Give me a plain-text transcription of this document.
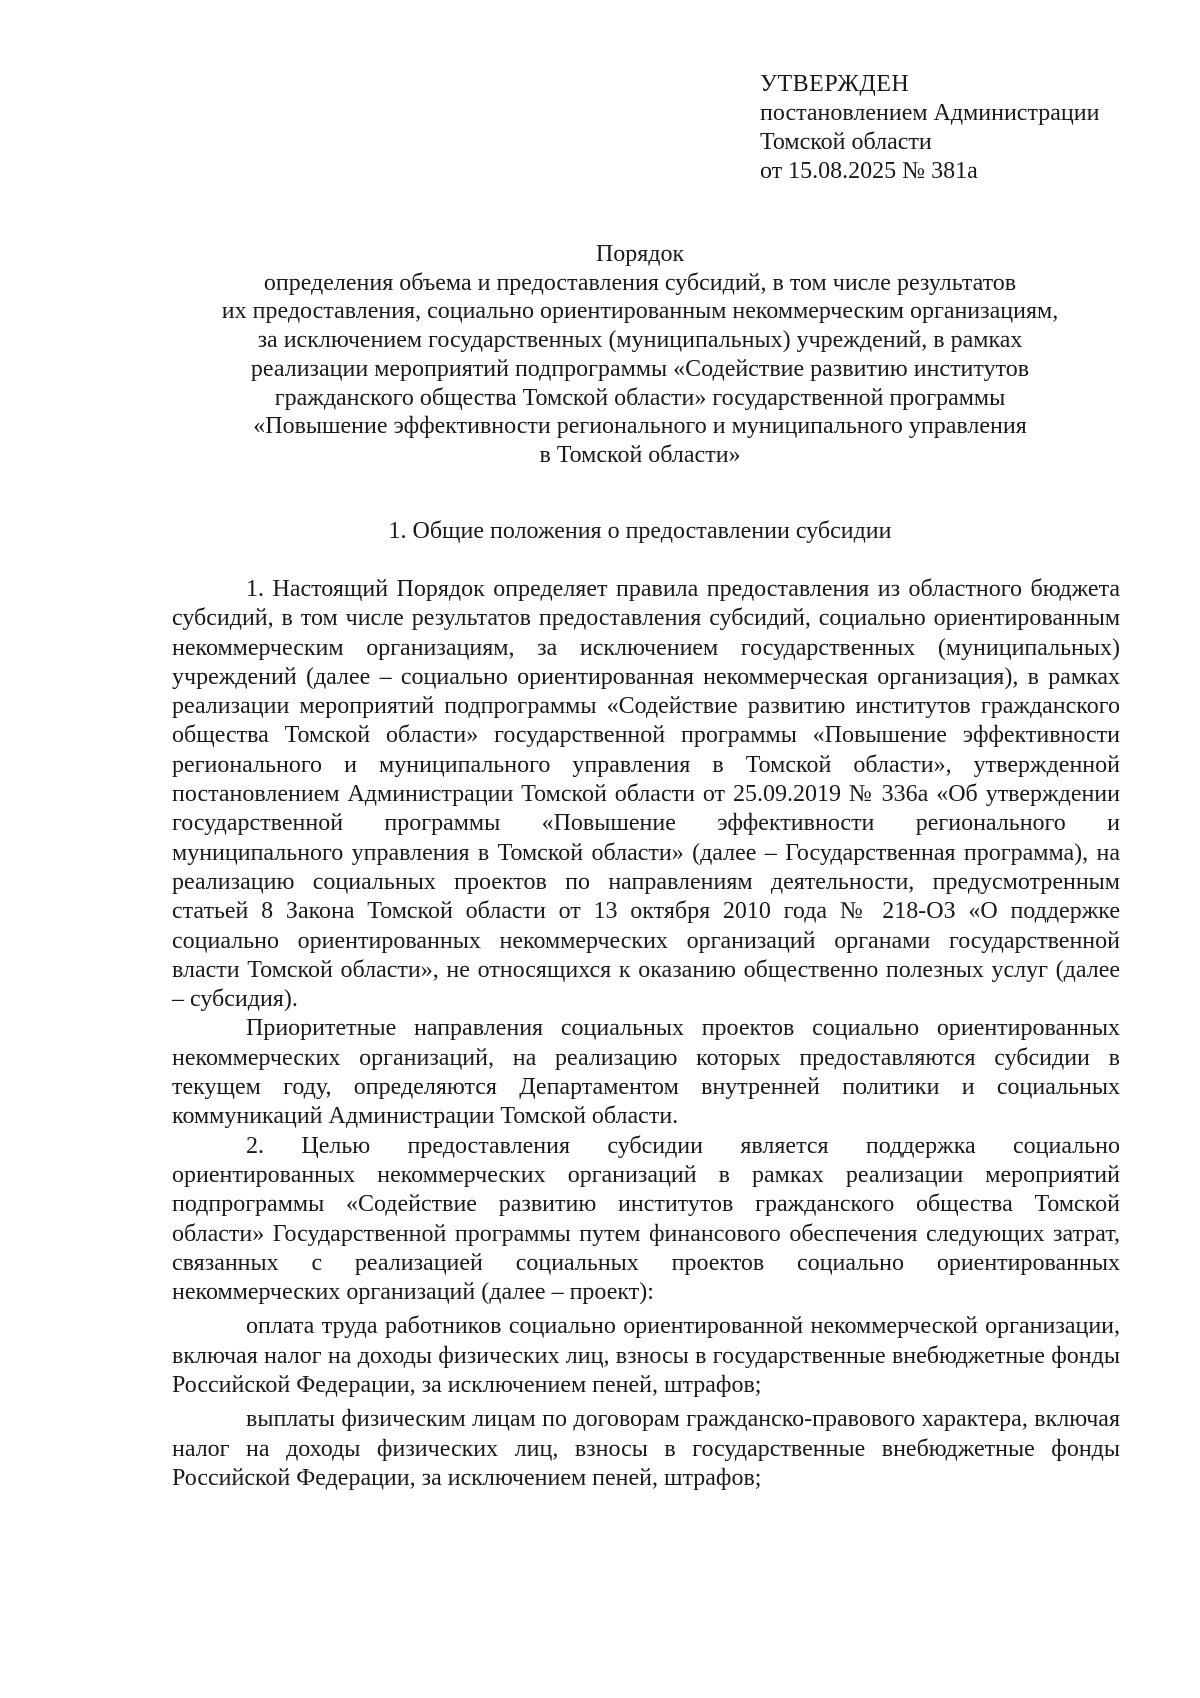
УТВЕРЖДЕН
постановлением Администрации
Томской области
от 15.08.2025 № 381а
Порядок
определения объема и предоставления субсидий, в том числе результатов
их предоставления, социально ориентированным некоммерческим организациям,
за исключением государственных (муниципальных) учреждений, в рамках
реализации мероприятий подпрограммы «Содействие развитию институтов
гражданского общества Томской области» государственной программы
«Повышение эффективности регионального и муниципального управления
в Томской области»
1. Общие положения о предоставлении субсидии

1. Настоящий Порядок определяет правила предоставления из областного бюджета субсидий, в том числе результатов предоставления субсидий, социально ориентированным некоммерческим организациям, за исключением государственных (муниципальных) учреждений (далее – социально ориентированная некоммерческая организация), в рамках реализации мероприятий подпрограммы «Содействие развитию институтов гражданского общества Томской области» государственной программы «Повышение эффективности регионального и муниципального управления в Томской области», утвержденной постановлением Администрации Томской области от 25.09.2019 № 336а «Об утверждении государственной программы «Повышение эффективности регионального и муниципального управления в Томской области» (далее – Государственная программа), на реализацию социальных проектов по направлениям деятельности, предусмотренным статьей 8 Закона Томской области от 13 октября 2010 года № 218-ОЗ «О поддержке социально ориентированных некоммерческих организаций органами государственной власти Томской области», не относящихся к оказанию общественно полезных услуг (далее – субсидия).

Приоритетные направления социальных проектов социально ориентированных некоммерческих организаций, на реализацию которых предоставляются субсидии в текущем году, определяются Департаментом внутренней политики и социальных коммуникаций Администрации Томской области.

2. Целью предоставления субсидии является поддержка социально ориентированных некоммерческих организаций в рамках реализации мероприятий подпрограммы «Содействие развитию институтов гражданского общества Томской области» Государственной программы путем финансового обеспечения следующих затрат, связанных с реализацией социальных проектов социально ориентированных некоммерческих организаций (далее – проект):

оплата труда работников социально ориентированной некоммерческой организации, включая налог на доходы физических лиц, взносы в государственные внебюджетные фонды Российской Федерации, за исключением пеней, штрафов;

выплаты физическим лицам по договорам гражданско-правового характера, включая налог на доходы физических лиц, взносы в государственные внебюджетные фонды Российской Федерации, за исключением пеней, штрафов;
